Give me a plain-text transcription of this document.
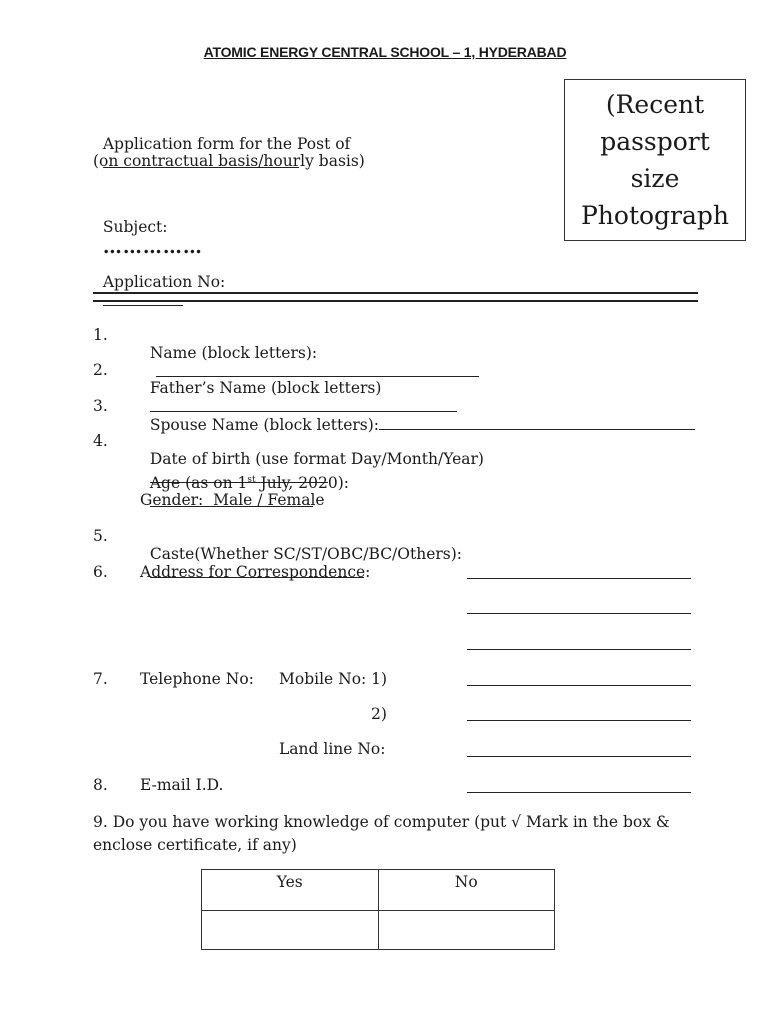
ATOMIC ENERGY CENTRAL SCHOOL – 1, HYDERABAD
(Recent
passport
size
Photograph

Application form for the Post of

(on contractual basis/hourly basis)

Subject:
……………

Application No:

1.

Name (block letters):

2.

Father’s Name (block letters)

3.

Spouse Name (block letters):

4.

Date of birth (use format Day/Month/Year)

Age (as on 1st July, 2020):

Gender:  Male / Female
5.

Caste(Whether SC/ST/OBC/BC/Others):

6. Address for Correspondence:
7. Telephone No: Mobile No: 1)
2)
Land line No:
8. E-mail I.D.
9. Do you have working knowledge of computer (put √ Mark in the box &
enclose certificate, if any)
Yes	No
